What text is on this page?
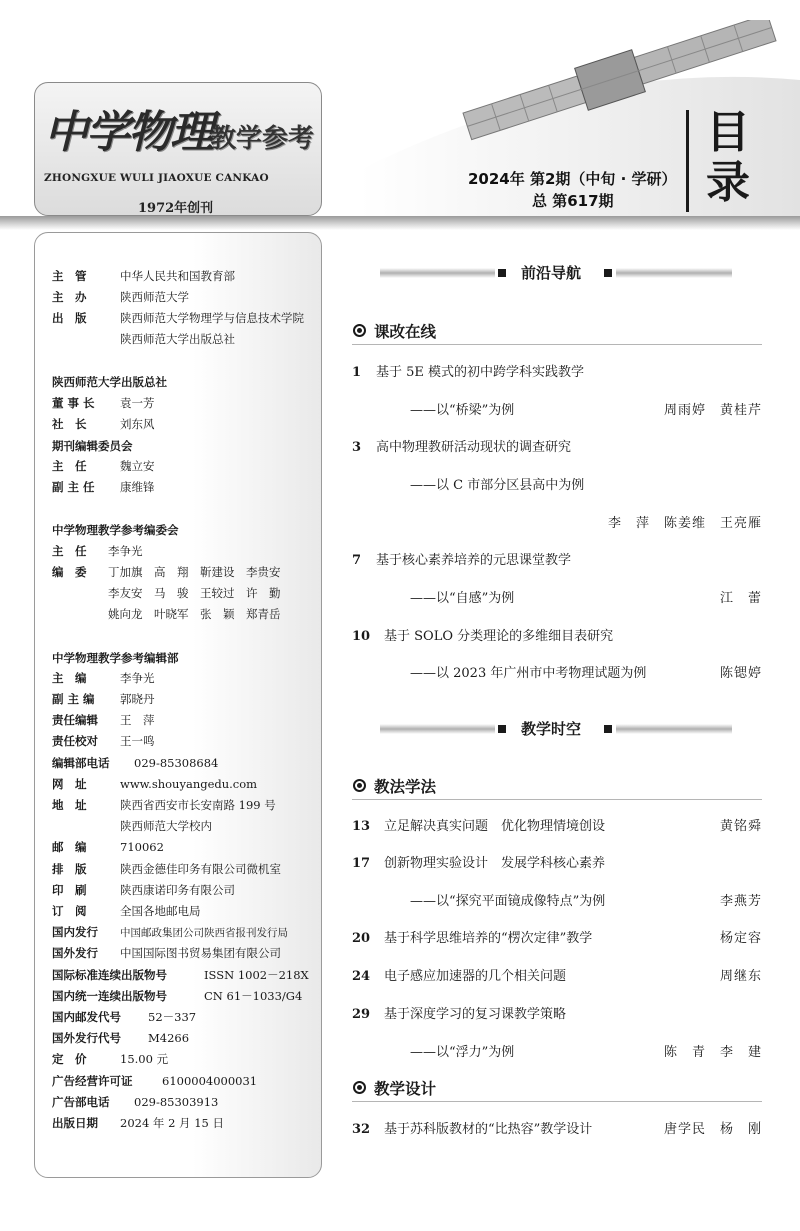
中学物理
教学参考
ZHONGXUE WULI JIAOXUE CANKAO
1972年创刊
2024年 第2期（中旬 · 学研）
总 第617期
目
录
主　管	中华人民共和国教育部
主　办	陕西师范大学
出　版	陕西师范大学物理学与信息技术学院
陕西师范大学出版总社
陕西师范大学出版总社
董 事 长 袁一芳
社　长	刘东风
期刊编辑委员会
主　任	魏立安
副 主 任 康维锋
中学物理教学参考编委会
主　任 李争光
编　委 丁加旗　高　翔　靳建设　李贵安
李友安　马　骏　王较过　许　勤
姚向龙　叶晓军　张　颖　郑青岳
中学物理教学参考编辑部
主　编	李争光
副 主 编 郭晓丹
责任编辑 王　萍
责任校对 王一鸣
编辑部电话 029-85308684
网　址	www.shouyangedu.com
地　址	陕西省西安市长安南路 199 号
陕西师范大学校内
邮　编	710062
排　版	陕西金德佳印务有限公司微机室
印　刷	陕西康诺印务有限公司
订　阅	全国各地邮电局
国内发行 中国邮政集团公司陕西省报刊发行局
国外发行 中国国际图书贸易集团有限公司
国际标准连续出版物号	ISSN 1002－218X
国内统一连续出版物号	CN 61－1033/G4
国内邮发代号 52－337
国外发行代号 M4266
定　价	15.00 元
广告经营许可证	6100004000031
广告部电话 029-85303913
出版日期 2024 年 2 月 15 日
前沿导航
课改在线
1 基于 5E 模式的初中跨学科实践教学
——以“桥梁”为例	周雨婷　黄桂芹
3 高中物理教研活动现状的调查研究
——以 C 市部分区县高中为例
李　萍　陈姜维　王亮雁
7 基于核心素养培养的元思课堂教学
——以“自感”为例	江　蕾
10 基于 SOLO 分类理论的多维细目表研究
——以 2023 年广州市中考物理试题为例	陈锶婷
教学时空
教法学法
13 立足解决真实问题　优化物理情境创设	黄铭舜
17 创新物理实验设计　发展学科核心素养
——以“探究平面镜成像特点”为例	李燕芳
20 基于科学思维培养的“楞次定律”教学	杨定容
24 电子感应加速器的几个相关问题	周继东
29 基于深度学习的复习课教学策略
——以“浮力”为例	陈　青　李　建
教学设计
32 基于苏科版教材的“比热容”教学设计	唐学民　杨　刚
